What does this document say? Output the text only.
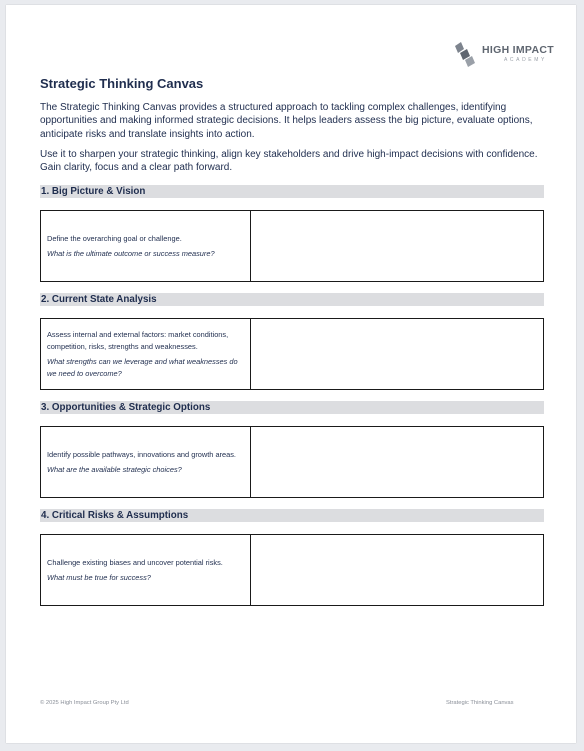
HIGH IMPACT
ACADEMY
Strategic Thinking Canvas
The Strategic Thinking Canvas provides a structured approach to tackling complex challenges, identifying opportunities and making informed strategic decisions. It helps leaders assess the big picture, evaluate options, anticipate risks and translate insights into action.
Use it to sharpen your strategic thinking, align key stakeholders and drive high-impact decisions with confidence. Gain clarity, focus and a clear path forward.
1. Big Picture & Vision
Define the overarching goal or challenge.
What is the ultimate outcome or success measure?
2. Current State Analysis
Assess internal and external factors: market conditions, competition, risks, strengths and weaknesses.
What strengths can we leverage and what weaknesses do we need to overcome?
3. Opportunities & Strategic Options
Identify possible pathways, innovations and growth areas.
What are the available strategic choices?
4. Critical Risks & Assumptions
Challenge existing biases and uncover potential risks.
What must be true for success?
© 2025 High Impact Group Pty Ltd	Strategic Thinking Canvas
